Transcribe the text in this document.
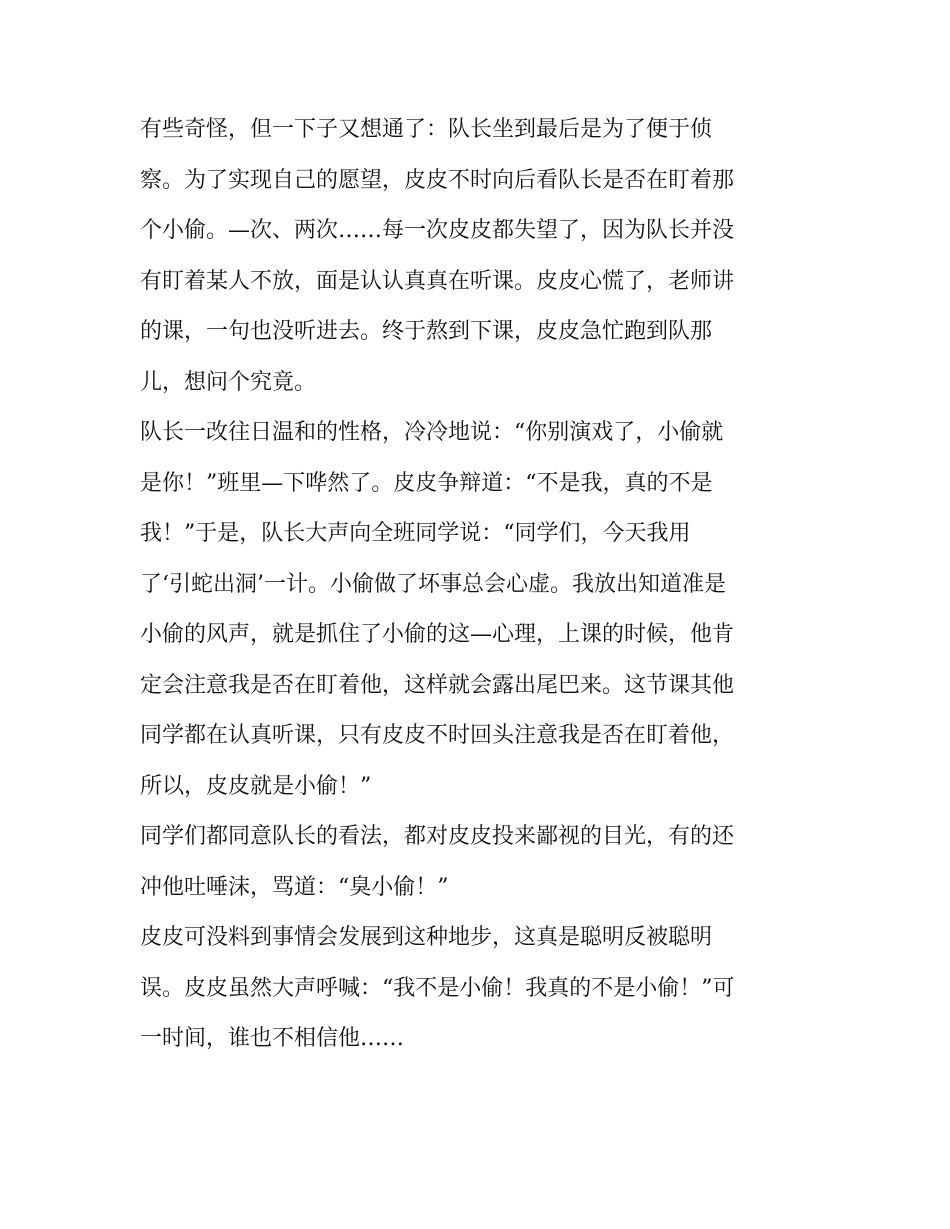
有些奇怪，但一下子又想通了：队长坐到最后是为了便于侦
察。为了实现自己的愿望，皮皮不时向后看队长是否在盯着那
个小偷。—次、两次……每一次皮皮都失望了，因为队长并没
有盯着某人不放，面是认认真真在听课。皮皮心慌了，老师讲
的课，一句也没听进去。终于熬到下课，皮皮急忙跑到队那
儿，想问个究竟。
队长一改往日温和的性格，冷冷地说：“你别演戏了，小偷就
是你！”班里—下哗然了。皮皮争辩道：“不是我，真的不是
我！”于是，队长大声向全班同学说：“同学们，今天我用
了‘引蛇出洞’一计。小偷做了坏事总会心虚。我放出知道准是
小偷的风声，就是抓住了小偷的这—心理，上课的时候，他肯
定会注意我是否在盯着他，这样就会露出尾巴来。这节课其他
同学都在认真听课，只有皮皮不时回头注意我是否在盯着他，
所以，皮皮就是小偷！”
同学们都同意队长的看法，都对皮皮投来鄙视的目光，有的还
冲他吐唾沫，骂道：“臭小偷！”
皮皮可没料到事情会发展到这种地步，这真是聪明反被聪明
误。皮皮虽然大声呼喊：“我不是小偷！我真的不是小偷！”可
一时间，谁也不相信他……
